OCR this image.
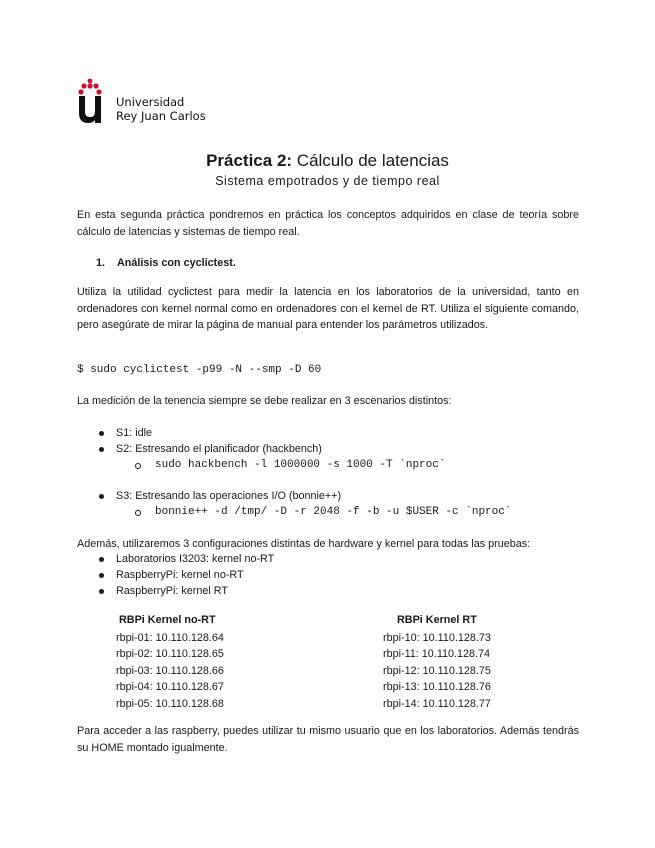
Universidad
Rey Juan Carlos
Práctica 2: Cálculo de latencias
Sistema empotrados y de tiempo real
En esta segunda práctica pondremos en práctica los conceptos adquiridos en clase de teoría sobre cálculo de latencias y sistemas de tiempo real.
1. Análisis con cyclictest.
Utiliza la utilidad cyclictest para medir la latencia en los laboratorios de la universidad, tanto en ordenadores con kernel normal como en ordenadores con el kernel de RT. Utiliza el siguiente comando, pero asegúrate de mirar la página de manual para entender los parámetros utilizados.
$ sudo cyclictest -p99 -N --smp -D 60
La medición de la tenencia siempre se debe realizar en 3 escenarios distintos:
S1: idle
S2: Estresando el planificador (hackbench)
sudo hackbench -l 1000000 -s 1000 -T `nproc`
S3: Estresando las operaciones I/O (bonnie++)
bonnie++ -d /tmp/ -D -r 2048 -f -b -u $USER -c `nproc`
Además, utilizaremos 3 configuraciones distintas de hardware y kernel para todas las pruebas:
Laboratorios I3203: kernel no-RT
RaspberryPi: kernel no-RT
RaspberryPi: kernel RT
RBPi Kernel no-RT
rbpi-01: 10.110.128.64
rbpi-02: 10.110.128.65
rbpi-03: 10.110.128.66
rbpi-04: 10.110.128.67
rbpi-05: 10.110.128.68
RBPi Kernel RT
rbpi-10: 10.110.128.73
rbpi-11: 10.110.128.74
rbpi-12: 10.110.128.75
rbpi-13: 10.110.128.76
rbpi-14: 10.110.128.77
Para acceder a las raspberry, puedes utilizar tu mismo usuario que en los laboratorios. Además tendrás su HOME montado igualmente.
